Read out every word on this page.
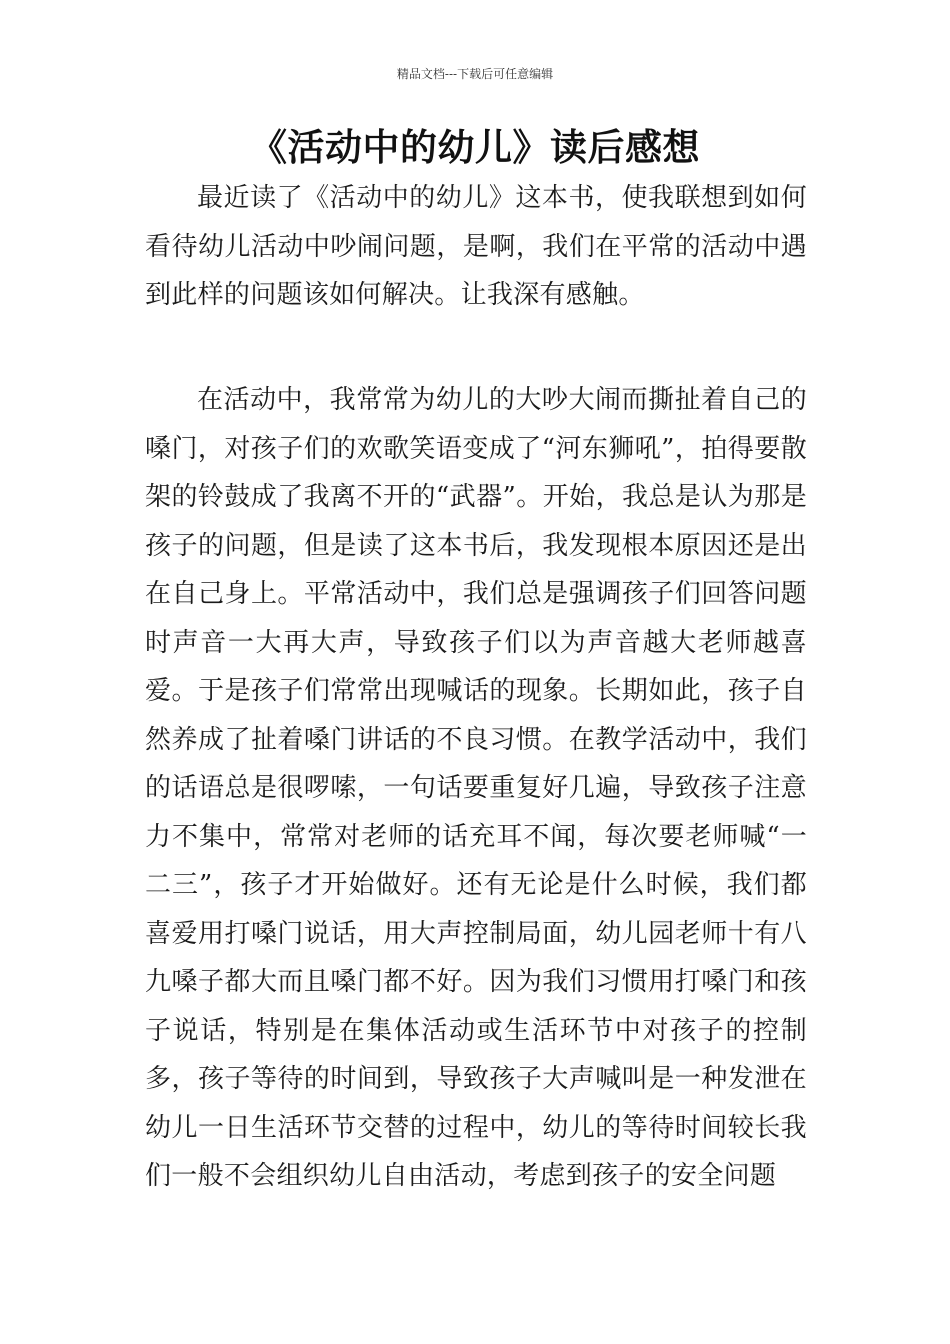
精品文档---下载后可任意编辑
《活动中的幼儿》读后感想

最近读了《活动中的幼儿》这本书，使我联想到如何看待幼儿活动中吵闹问题，是啊，我们在平常的活动中遇到此样的问题该如何解决。让我深有感触。

在活动中，我常常为幼儿的大吵大闹而撕扯着自己的嗓门，对孩子们的欢歌笑语变成了“河东狮吼”，拍得要散架的铃鼓成了我离不开的“武器”。开始，我总是认为那是孩子的问题，但是读了这本书后，我发现根本原因还是出在自己身上。平常活动中，我们总是强调孩子们回答问题时声音一大再大声，导致孩子们以为声音越大老师越喜爱。于是孩子们常常出现喊话的现象。长期如此，孩子自然养成了扯着嗓门讲话的不良习惯。在教学活动中，我们的话语总是很啰嗦，一句话要重复好几遍，导致孩子注意力不集中，常常对老师的话充耳不闻，每次要老师喊“一二三”，孩子才开始做好。还有无论是什么时候，我们都喜爱用打嗓门说话，用大声控制局面，幼儿园老师十有八九嗓子都大而且嗓门都不好。因为我们习惯用打嗓门和孩子说话，特别是在集体活动或生活环节中对孩子的控制多，孩子等待的时间到，导致孩子大声喊叫是一种发泄在幼儿一日生活环节交替的过程中，幼儿的等待时间较长我们一般不会组织幼儿自由活动，考虑到孩子的安全问题
